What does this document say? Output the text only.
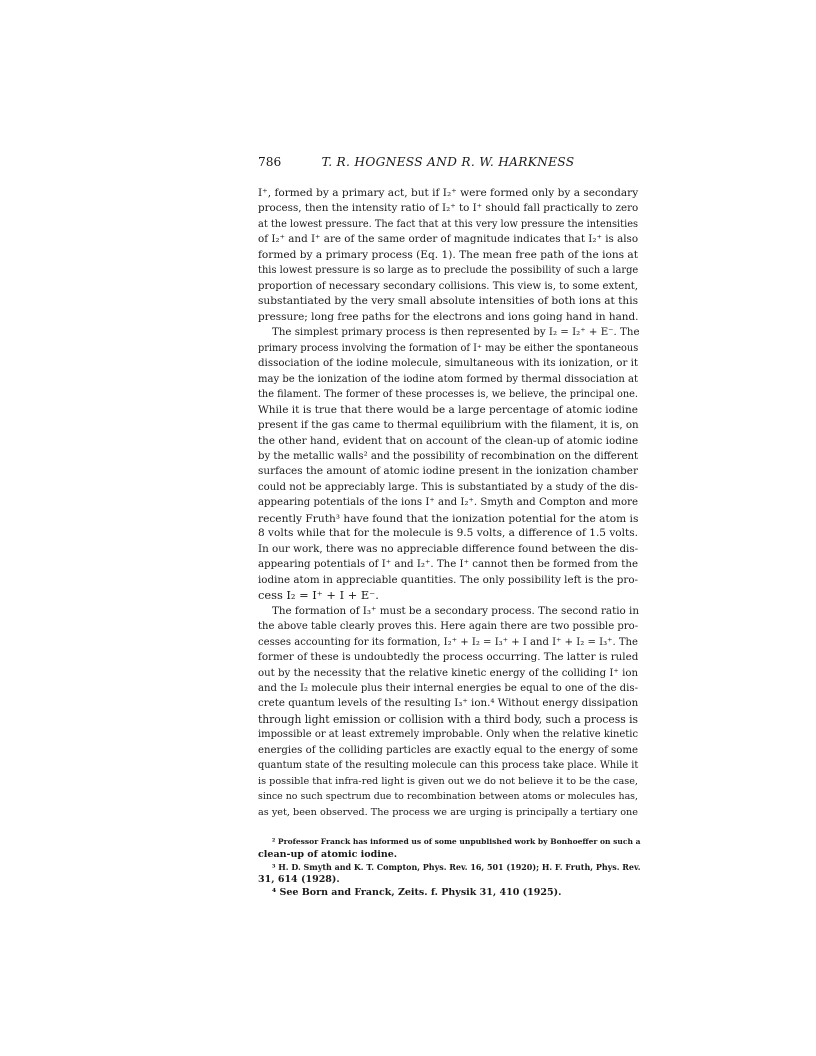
786	T. R. HOGNESS AND R. W. HARKNESS
I⁺, formed by a primary act, but if I₂⁺ were formed only by a secondary
process, then the intensity ratio of I₂⁺ to I⁺ should fall practically to zero
at the lowest pressure. The fact that at this very low pressure the intensities
of I₂⁺ and I⁺ are of the same order of magnitude indicates that I₂⁺ is also
formed by a primary process (Eq. 1). The mean free path of the ions at
this lowest pressure is so large as to preclude the possibility of such a large
proportion of necessary secondary collisions. This view is, to some extent,
substantiated by the very small absolute intensities of both ions at this
pressure; long free paths for the electrons and ions going hand in hand.
The simplest primary process is then represented by I₂ = I₂⁺ + E⁻. The
primary process involving the formation of I⁺ may be either the spontaneous
dissociation of the iodine molecule, simultaneous with its ionization, or it
may be the ionization of the iodine atom formed by thermal dissociation at
the filament. The former of these processes is, we believe, the principal one.
While it is true that there would be a large percentage of atomic iodine
present if the gas came to thermal equilibrium with the filament, it is, on
the other hand, evident that on account of the clean-up of atomic iodine
by the metallic walls² and the possibility of recombination on the different
surfaces the amount of atomic iodine present in the ionization chamber
could not be appreciably large. This is substantiated by a study of the dis-
appearing potentials of the ions I⁺ and I₂⁺. Smyth and Compton and more
recently Fruth³ have found that the ionization potential for the atom is
8 volts while that for the molecule is 9.5 volts, a difference of 1.5 volts.
In our work, there was no appreciable difference found between the dis-
appearing potentials of I⁺ and I₂⁺. The I⁺ cannot then be formed from the
iodine atom in appreciable quantities. The only possibility left is the pro-
cess I₂ = I⁺ + I + E⁻.
The formation of I₃⁺ must be a secondary process. The second ratio in
the above table clearly proves this. Here again there are two possible pro-
cesses accounting for its formation, I₂⁺ + I₂ = I₃⁺ + I and I⁺ + I₂ = I₃⁺. The
former of these is undoubtedly the process occurring. The latter is ruled
out by the necessity that the relative kinetic energy of the colliding I⁺ ion
and the I₂ molecule plus their internal energies be equal to one of the dis-
crete quantum levels of the resulting I₃⁺ ion.⁴ Without energy dissipation
through light emission or collision with a third body, such a process is
impossible or at least extremely improbable. Only when the relative kinetic
energies of the colliding particles are exactly equal to the energy of some
quantum state of the resulting molecule can this process take place. While it
is possible that infra-red light is given out we do not believe it to be the case,
since no such spectrum due to recombination between atoms or molecules has,
as yet, been observed. The process we are urging is principally a tertiary one
² Professor Franck has informed us of some unpublished work by Bonhoeffer on such a
clean-up of atomic iodine.
³ H. D. Smyth and K. T. Compton, Phys. Rev. 16, 501 (1920); H. F. Fruth, Phys. Rev.
31, 614 (1928).
⁴ See Born and Franck, Zeits. f. Physik 31, 410 (1925).
